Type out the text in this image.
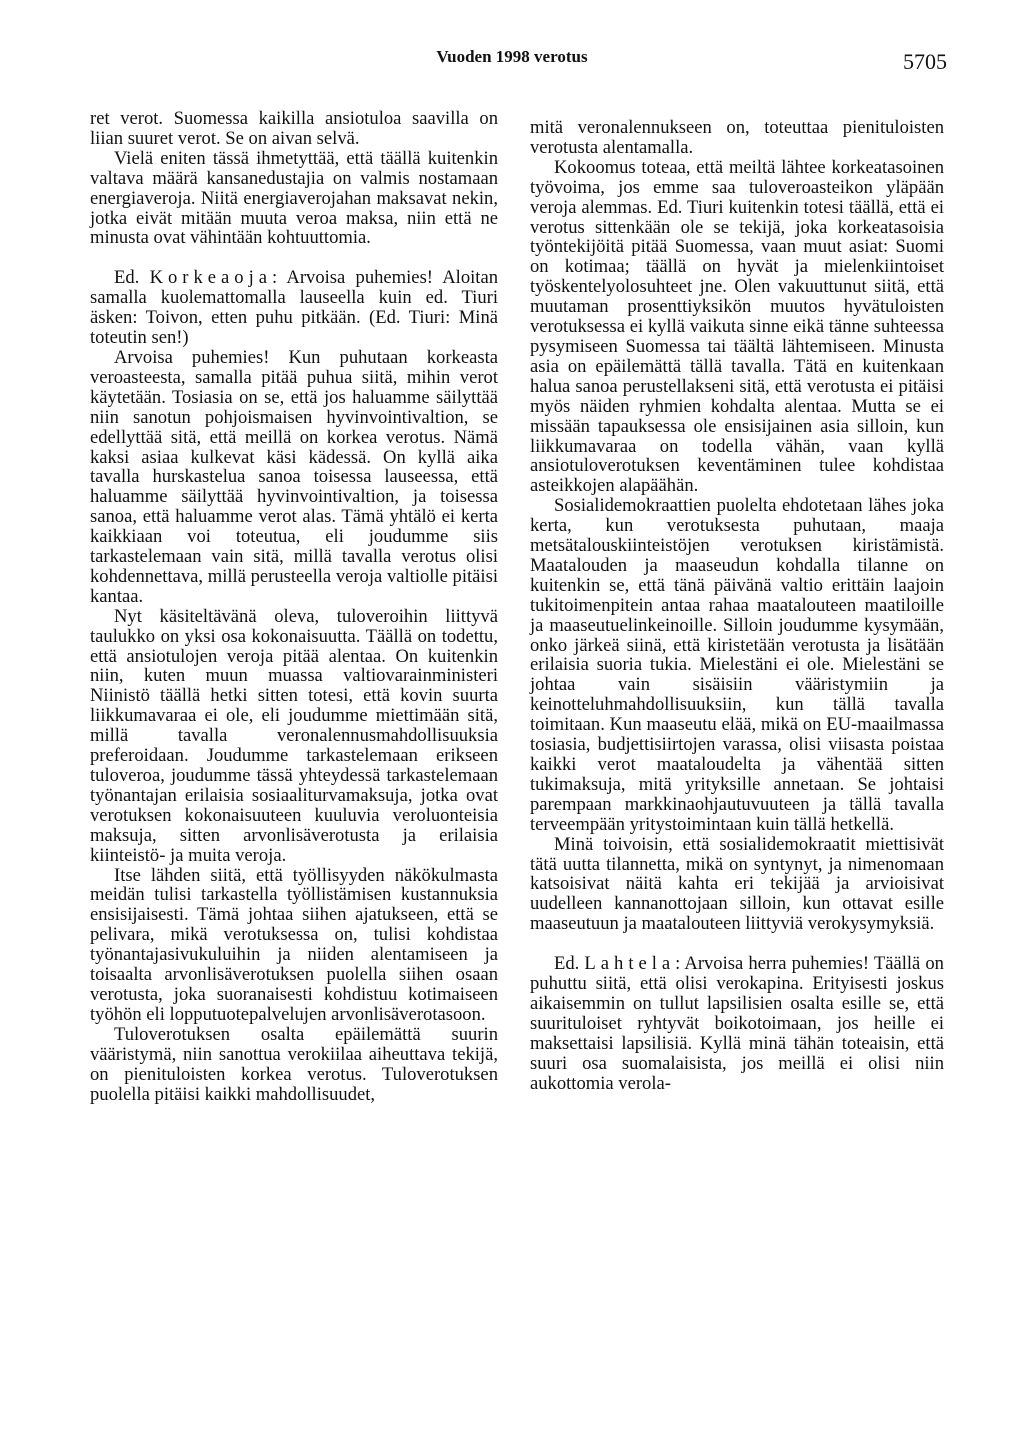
Vuoden 1998 verotus	5705

ret verot. Suomessa kaikilla ansiotuloa saavilla on liian suuret verot. Se on aivan selvä.

Vielä eniten tässä ihmetyttää, että täällä kuitenkin valtava määrä kansanedustajia on valmis nostamaan energiaveroja. Niitä energiaverojahan maksavat nekin, jotka eivät mitään muuta veroa maksa, niin että ne minusta ovat vähintään kohtuuttomia.

Ed. Korkeaoja: Arvoisa puhemies! Aloitan samalla kuolemattomalla lauseella kuin ed. Tiuri äsken: Toivon, etten puhu pitkään. (Ed. Tiuri: Minä toteutin sen!)

Arvoisa puhemies! Kun puhutaan korkeasta veroasteesta, samalla pitää puhua siitä, mihin verot käytetään. Tosiasia on se, että jos haluamme säilyttää niin sanotun pohjoismaisen hyvinvointivaltion, se edellyttää sitä, että meillä on korkea verotus. Nämä kaksi asiaa kulkevat käsi kädessä. On kyllä aika tavalla hurskastelua sanoa toisessa lauseessa, että haluamme säilyttää hyvinvointivaltion, ja toisessa sanoa, että haluamme verot alas. Tämä yhtälö ei kerta kaikkiaan voi toteutua, eli joudumme siis tarkastelemaan vain sitä, millä tavalla verotus olisi kohdennettava, millä perusteella veroja valtiolle pitäisi kantaa.

Nyt käsiteltävänä oleva, tuloveroihin liittyvä taulukko on yksi osa kokonaisuutta. Täällä on todettu, että ansiotulojen veroja pitää alentaa. On kuitenkin niin, kuten muun muassa valtiovarainministeri Niinistö täällä hetki sitten totesi, että kovin suurta liikkumavaraa ei ole, eli joudumme miettimään sitä, millä tavalla veronalennusmahdollisuuksia preferoidaan. Joudumme tarkastelemaan erikseen tuloveroa, joudumme tässä yhteydessä tarkastelemaan työnantajan erilaisia sosiaaliturvamaksuja, jotka ovat verotuksen kokonaisuuteen kuuluvia veroluonteisia maksuja, sitten arvonlisäverotusta ja erilaisia kiinteistö- ja muita veroja.

Itse lähden siitä, että työllisyyden näkökulmasta meidän tulisi tarkastella työllistämisen kustannuksia ensisijaisesti. Tämä johtaa siihen ajatukseen, että se pelivara, mikä verotuksessa on, tulisi kohdistaa työnantajasivukuluihin ja niiden alentamiseen ja toisaalta arvonlisäverotuksen puolella siihen osaan verotusta, joka suoranaisesti kohdistuu kotimaiseen työhön eli lopputuotepalvelujen arvonlisäverotasoon.

Tuloverotuksen osalta epäilemättä suurin vääristymä, niin sanottua verokiilaa aiheuttava tekijä, on pienituloisten korkea verotus. Tuloverotuksen puolella pitäisi kaikki mahdollisuudet,

mitä veronalennukseen on, toteuttaa pienituloisten verotusta alentamalla.

Kokoomus toteaa, että meiltä lähtee korkeatasoinen työvoima, jos emme saa tuloveroasteikon yläpään veroja alemmas. Ed. Tiuri kuitenkin totesi täällä, että ei verotus sittenkään ole se tekijä, joka korkeatasoisia työntekijöitä pitää Suomessa, vaan muut asiat: Suomi on kotimaa; täällä on hyvät ja mielenkiintoiset työskentelyolosuhteet jne. Olen vakuuttunut siitä, että muutaman prosenttiyksikön muutos hyvätuloisten verotuksessa ei kyllä vaikuta sinne eikä tänne suhteessa pysymiseen Suomessa tai täältä lähtemiseen. Minusta asia on epäilemättä tällä tavalla. Tätä en kuitenkaan halua sanoa perustellakseni sitä, että verotusta ei pitäisi myös näiden ryhmien kohdalta alentaa. Mutta se ei missään tapauksessa ole ensisijainen asia silloin, kun liikkumavaraa on todella vähän, vaan kyllä ansiotuloverotuksen keventäminen tulee kohdistaa asteikkojen alapäähän.

Sosialidemokraattien puolelta ehdotetaan lähes joka kerta, kun verotuksesta puhutaan, maaja metsätalouskiinteistöjen verotuksen kiristämistä. Maatalouden ja maaseudun kohdalla tilanne on kuitenkin se, että tänä päivänä valtio erittäin laajoin tukitoimenpitein antaa rahaa maatalouteen maatiloille ja maaseutuelinkeinoille. Silloin joudumme kysymään, onko järkeä siinä, että kiristetään verotusta ja lisätään erilaisia suoria tukia. Mielestäni ei ole. Mielestäni se johtaa vain sisäisiin vääristymiin ja keinotteluhmahdollisuuksiin, kun tällä tavalla toimitaan. Kun maaseutu elää, mikä on EU-maailmassa tosiasia, budjettisiirtojen varassa, olisi viisasta poistaa kaikki verot maataloudelta ja vähentää sitten tukimaksuja, mitä yrityksille annetaan. Se johtaisi parempaan markkinaohjautuvuuteen ja tällä tavalla terveempään yritystoimintaan kuin tällä hetkellä.

Minä toivoisin, että sosialidemokraatit miettisivät tätä uutta tilannetta, mikä on syntynyt, ja nimenomaan katsoisivat näitä kahta eri tekijää ja arvioisivat uudelleen kannanottojaan silloin, kun ottavat esille maaseutuun ja maatalouteen liittyviä verokysymyksiä.

Ed. Lahtela: Arvoisa herra puhemies! Täällä on puhuttu siitä, että olisi verokapina. Erityisesti joskus aikaisemmin on tullut lapsilisien osalta esille se, että suurituloiset ryhtyvät boikotoimaan, jos heille ei maksettaisi lapsilisiä. Kyllä minä tähän toteaisin, että suuri osa suomalaisista, jos meillä ei olisi niin aukottomia verola-
